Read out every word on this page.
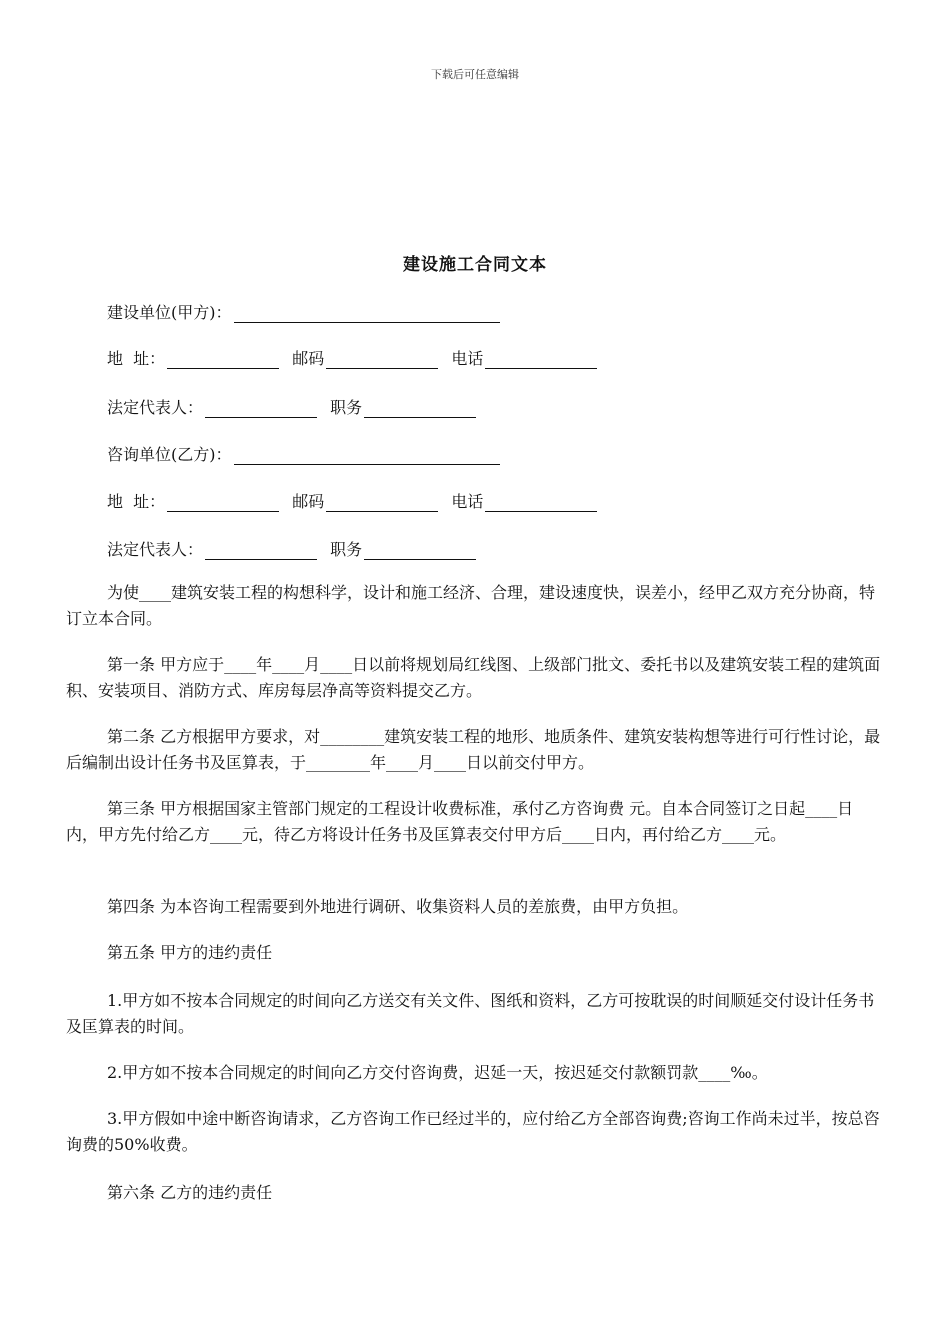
下载后可任意编辑
建设施工合同文本
建设单位(甲方)：
地  址：	邮码	电话
法定代表人：	职务
咨询单位(乙方)：
地  址：	邮码	电话
法定代表人：	职务
为使____建筑安装工程的构想科学，设计和施工经济、合理，建设速度快，误差小，经甲乙双方充分协商，特订立本合同。
第一条 甲方应于____年____月____日以前将规划局红线图、上级部门批文、委托书以及建筑安装工程的建筑面积、安装项目、消防方式、库房每层净高等资料提交乙方。
第二条 乙方根据甲方要求，对________建筑安装工程的地形、地质条件、建筑安装构想等进行可行性讨论，最后编制出设计任务书及匡算表，于________年____月____日以前交付甲方。
第三条 甲方根据国家主管部门规定的工程设计收费标准，承付乙方咨询费 元。自本合同签订之日起____日内，甲方先付给乙方____元，待乙方将设计任务书及匡算表交付甲方后____日内，再付给乙方____元。
第四条 为本咨询工程需要到外地进行调研、收集资料人员的差旅费，由甲方负担。
第五条 甲方的违约责任
1.甲方如不按本合同规定的时间向乙方送交有关文件、图纸和资料，乙方可按耽误的时间顺延交付设计任务书及匡算表的时间。
2.甲方如不按本合同规定的时间向乙方交付咨询费，迟延一天，按迟延交付款额罚款____‰。
3.甲方假如中途中断咨询请求，乙方咨询工作已经过半的，应付给乙方全部咨询费;咨询工作尚未过半，按总咨询费的50%收费。
第六条 乙方的违约责任
